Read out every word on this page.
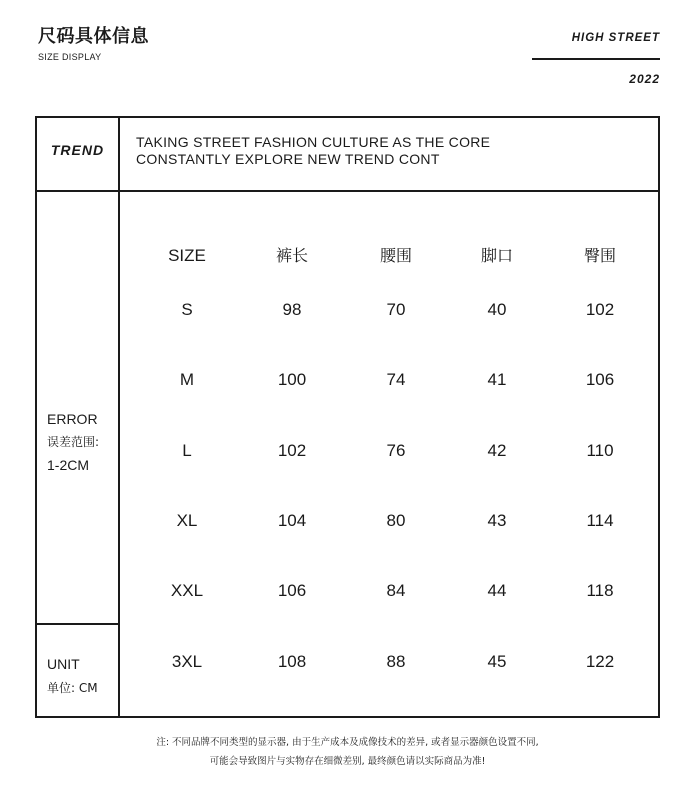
尺码具体信息
SIZE DISPLAY
HIGH STREET
2022
TREND	TAKING STREET FASHION CULTURE AS THE CORE
CONSTANTLY EXPLORE NEW TREND CONT
ERROR
误差范围:
1-2CM
UNIT
单位: CM
SIZE	裤长	腰围	脚口	臀围
S	98	70	40	102
M	100	74	41	106
L	102	76	42	110
XL	104	80	43	114
XXL	106	84	44	118
3XL	108	88	45	122
注: 不同品牌不同类型的显示器, 由于生产成本及成像技术的差异, 或者显示器颜色设置不同,
可能会导致图片与实物存在细微差别, 最终颜色请以实际商品为准!
